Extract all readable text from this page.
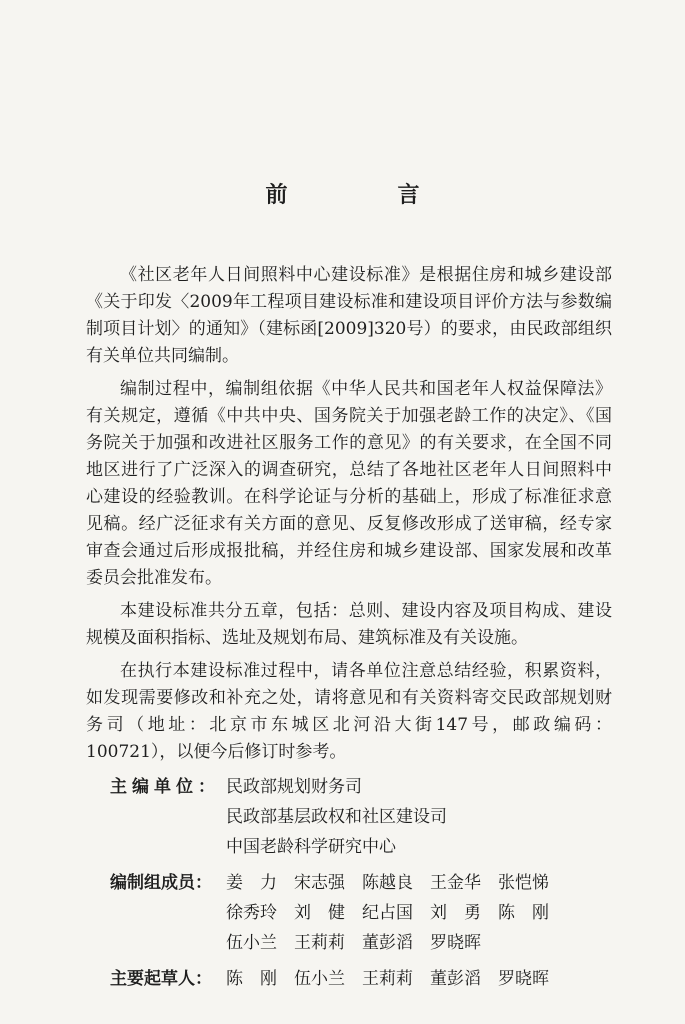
前　言

《社区老年人日间照料中心建设标准》是根据住房和城乡建设部《关于印发〈2009年工程项目建设标准和建设项目评价方法与参数编制项目计划〉的通知》（建标函[2009]320号）的要求，由民政部组织有关单位共同编制。

编制过程中，编制组依据《中华人民共和国老年人权益保障法》有关规定，遵循《中共中央、国务院关于加强老龄工作的决定》、《国务院关于加强和改进社区服务工作的意见》的有关要求，在全国不同地区进行了广泛深入的调查研究，总结了各地社区老年人日间照料中心建设的经验教训。在科学论证与分析的基础上，形成了标准征求意见稿。经广泛征求有关方面的意见、反复修改形成了送审稿，经专家审查会通过后形成报批稿，并经住房和城乡建设部、国家发展和改革委员会批准发布。

本建设标准共分五章，包括：总则、建设内容及项目构成、建设规模及面积指标、选址及规划布局、建筑标准及有关设施。

在执行本建设标准过程中，请各单位注意总结经验，积累资料，如发现需要修改和补充之处，请将意见和有关资料寄交民政部规划财务司（地址：北京市东城区北河沿大街147号，邮政编码：100721），以便今后修订时参考。

主编单位： 民政部规划财务司
民政部基层政权和社区建设司
中国老龄科学研究中心
编制组成员： 姜　力	宋志强	陈越良	王金华	张恺悌
徐秀玲	刘　健	纪占国	刘　勇	陈　刚
伍小兰	王莉莉	董彭滔	罗晓晖
主要起草人： 陈　刚	伍小兰	王莉莉	董彭滔	罗晓晖
